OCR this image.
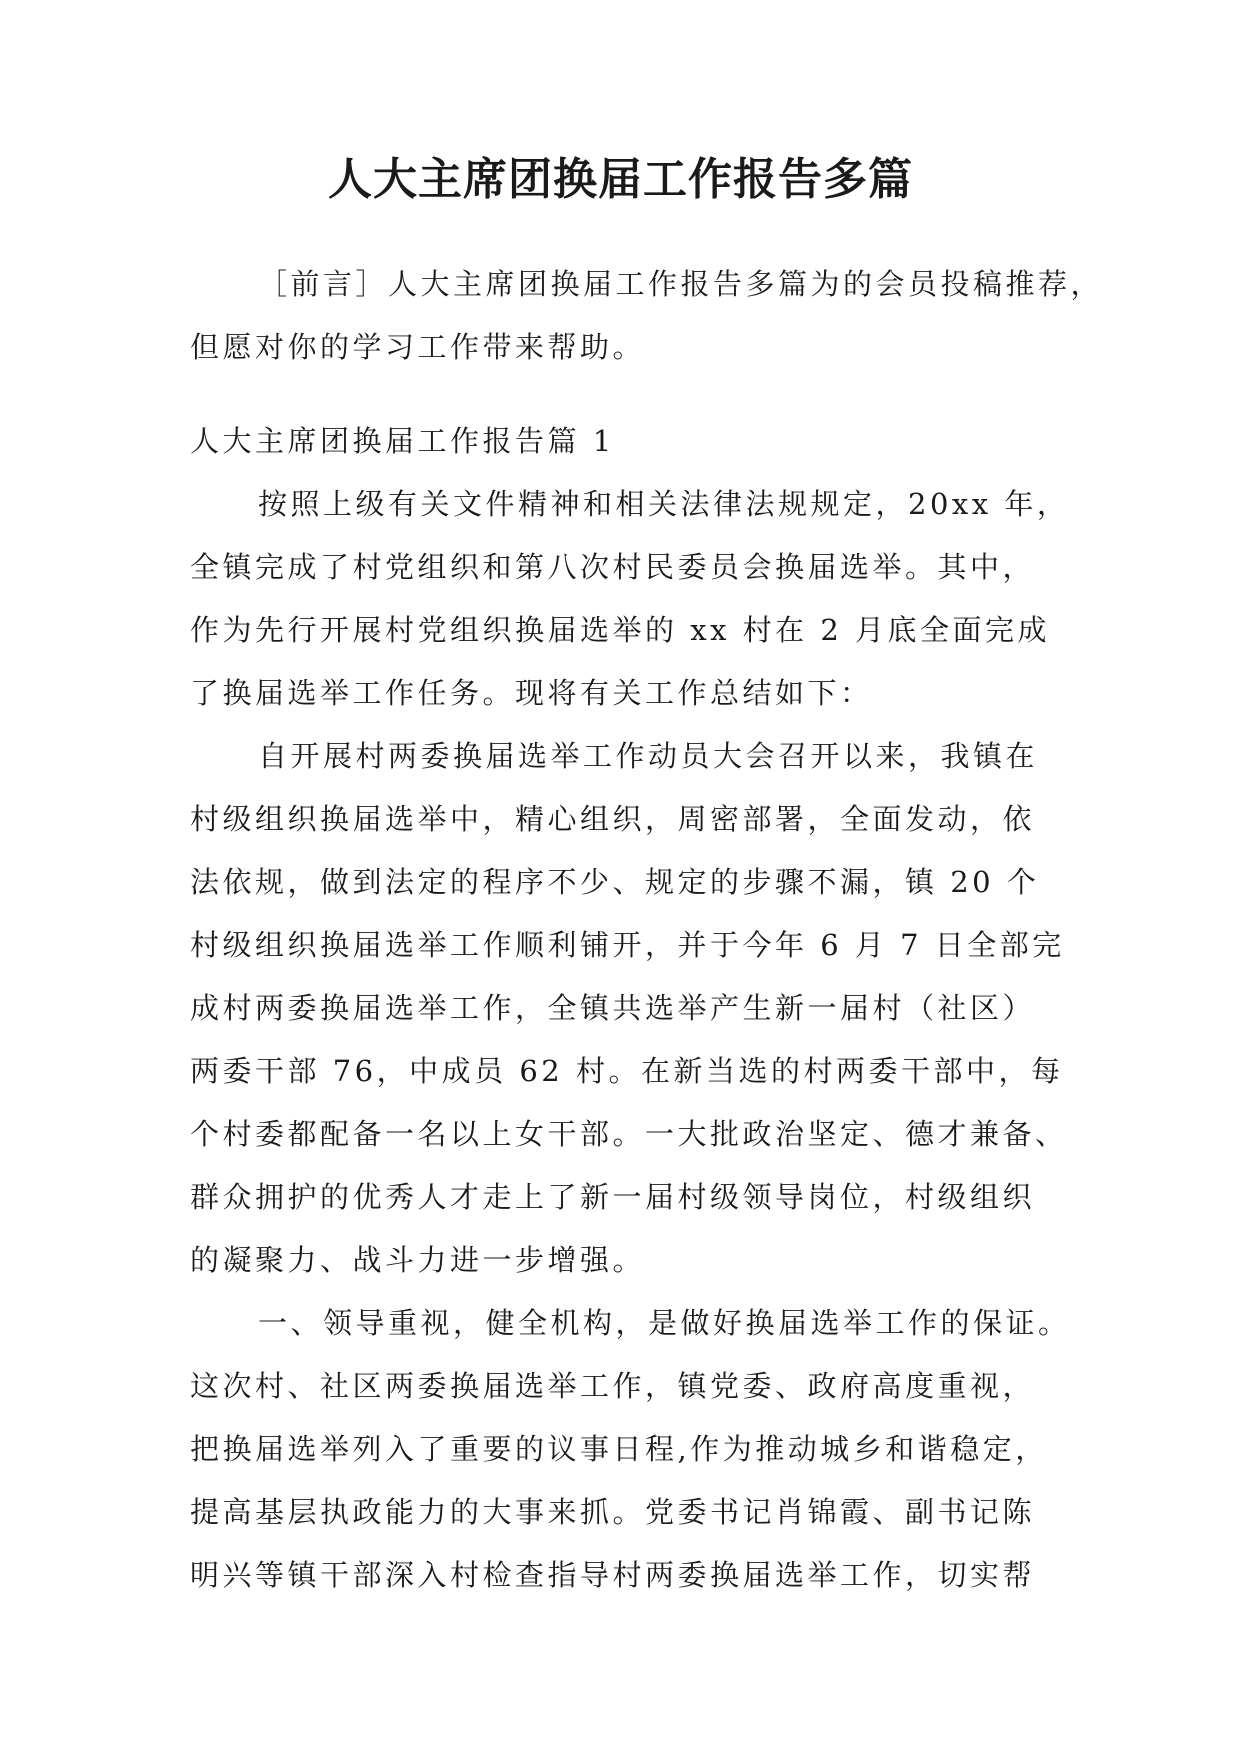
人大主席团换届工作报告多篇
［前言］人大主席团换届工作报告多篇为的会员投稿推荐，
但愿对你的学习工作带来帮助。
人大主席团换届工作报告篇 1
按照上级有关文件精神和相关法律法规规定，20xx 年，
全镇完成了村党组织和第八次村民委员会换届选举。其中，
作为先行开展村党组织换届选举的 xx 村在 2 月底全面完成
了换届选举工作任务。现将有关工作总结如下：
自开展村两委换届选举工作动员大会召开以来，我镇在
村级组织换届选举中，精心组织，周密部署，全面发动，依
法依规，做到法定的程序不少、规定的步骤不漏，镇 20 个
村级组织换届选举工作顺利铺开，并于今年 6 月 7 日全部完
成村两委换届选举工作，全镇共选举产生新一届村（社区）
两委干部 76，中成员 62 村。在新当选的村两委干部中，每
个村委都配备一名以上女干部。一大批政治坚定、德才兼备、
群众拥护的优秀人才走上了新一届村级领导岗位，村级组织
的凝聚力、战斗力进一步增强。
一、领导重视，健全机构，是做好换届选举工作的保证。
这次村、社区两委换届选举工作，镇党委、政府高度重视，
把换届选举列入了重要的议事日程,作为推动城乡和谐稳定，
提高基层执政能力的大事来抓。党委书记肖锦霞、副书记陈
明兴等镇干部深入村检查指导村两委换届选举工作，切实帮
